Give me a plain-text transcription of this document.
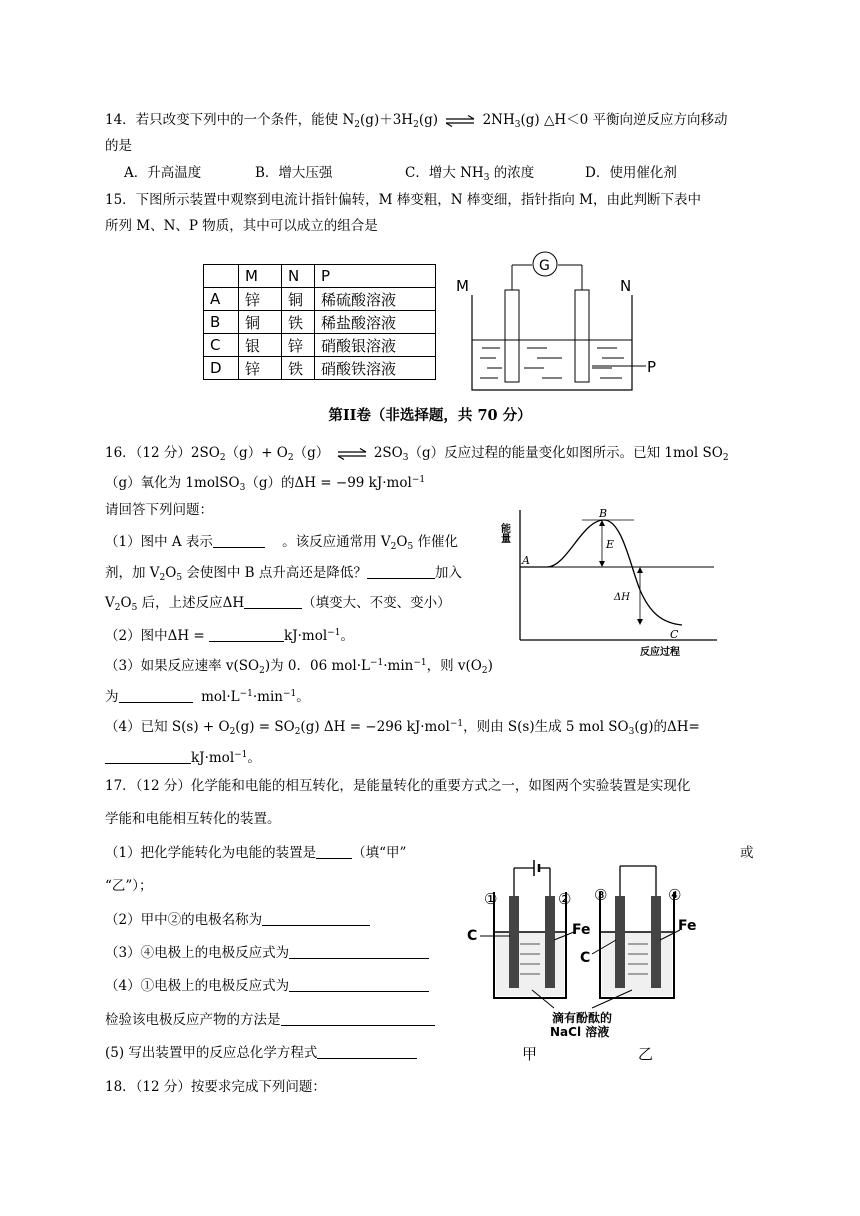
14．若只改变下列中的一个条件，能使 $N_2(g)+3H_2(g)$ ⇌ $2NH_3(g)$ △H＜0 平衡向逆反应方向移动
的是
A．升高温度	B．增大压强	C．增大 $NH_3$ 的浓度	D．使用催化剂
15．下图所示装置中观察到电流计指针偏转，M 棒变粗，N 棒变细，指针指向 M，由此判断下表中
所列 M、N、P 物质，其中可以成立的组合是
	M	N	P
A	锌	铜	稀硫酸溶液
B	铜	铁	稀盐酸溶液
C	银	锌	硝酸银溶液
D	锌	铁	硝酸铁溶液
M	N
G
P
第II卷（非选择题，共 70 分）
16．（12 分）$2SO_2(g)+ O_2(g)$ ⇌ $2SO_3(g)$反应过程的能量变化如图所示。已知 1mol $SO_2$
（g）氧化为 1molSO$_3$（g）的ΔH = −99 kJ·mol$^{-1}$
请回答下列问题：
（1）图中 A 表示	。该反应通常用 $V_2O_5$ 作催化
剂，加 $V_2O_5$ 会使图中 B 点升高还是降低？	加入
$V_2O_5$ 后，上述反应ΔH	（填变大、不变、变小）
（2）图中ΔH =	kJ·mol$^{-1}$。
（3）如果反应速率 $v(SO_2)$为 0．06 $mol\cdot L^{-1}\cdot\min^{-1}$，则 $v(O_2)$
为	$mol\cdot L^{-1}\cdot\min^{-1}$。
（4）已知 $S(s) + O_2(g) = SO_2(g) \Delta H = -296$ kJ·mol$^{-1}$，则由 S(s)生成 5 mol $SO_3(g)$的ΔH=
kJ·mol$^{-1}$。
能量
反应过程
A
B
E
ΔH
C
17．（12 分）化学能和电能的相互转化，是能量转化的重要方式之一，如图两个实验装置是实现化
学能和电能相互转化的装置。
（1）把化学能转化为电能的装置是	（填“甲”	或
“乙”）；
（2）甲中②的电极名称为
（3）④电极上的电极反应式为
（4）①电极上的电极反应式为
检验该电极反应产物的方法是
(5) 写出装置甲的反应总化学方程式
①	②
C	Fe
③	④
C
Fe
滴有酚酞的
NaCl 溶液
甲	乙
18．（12 分）按要求完成下列问题：
